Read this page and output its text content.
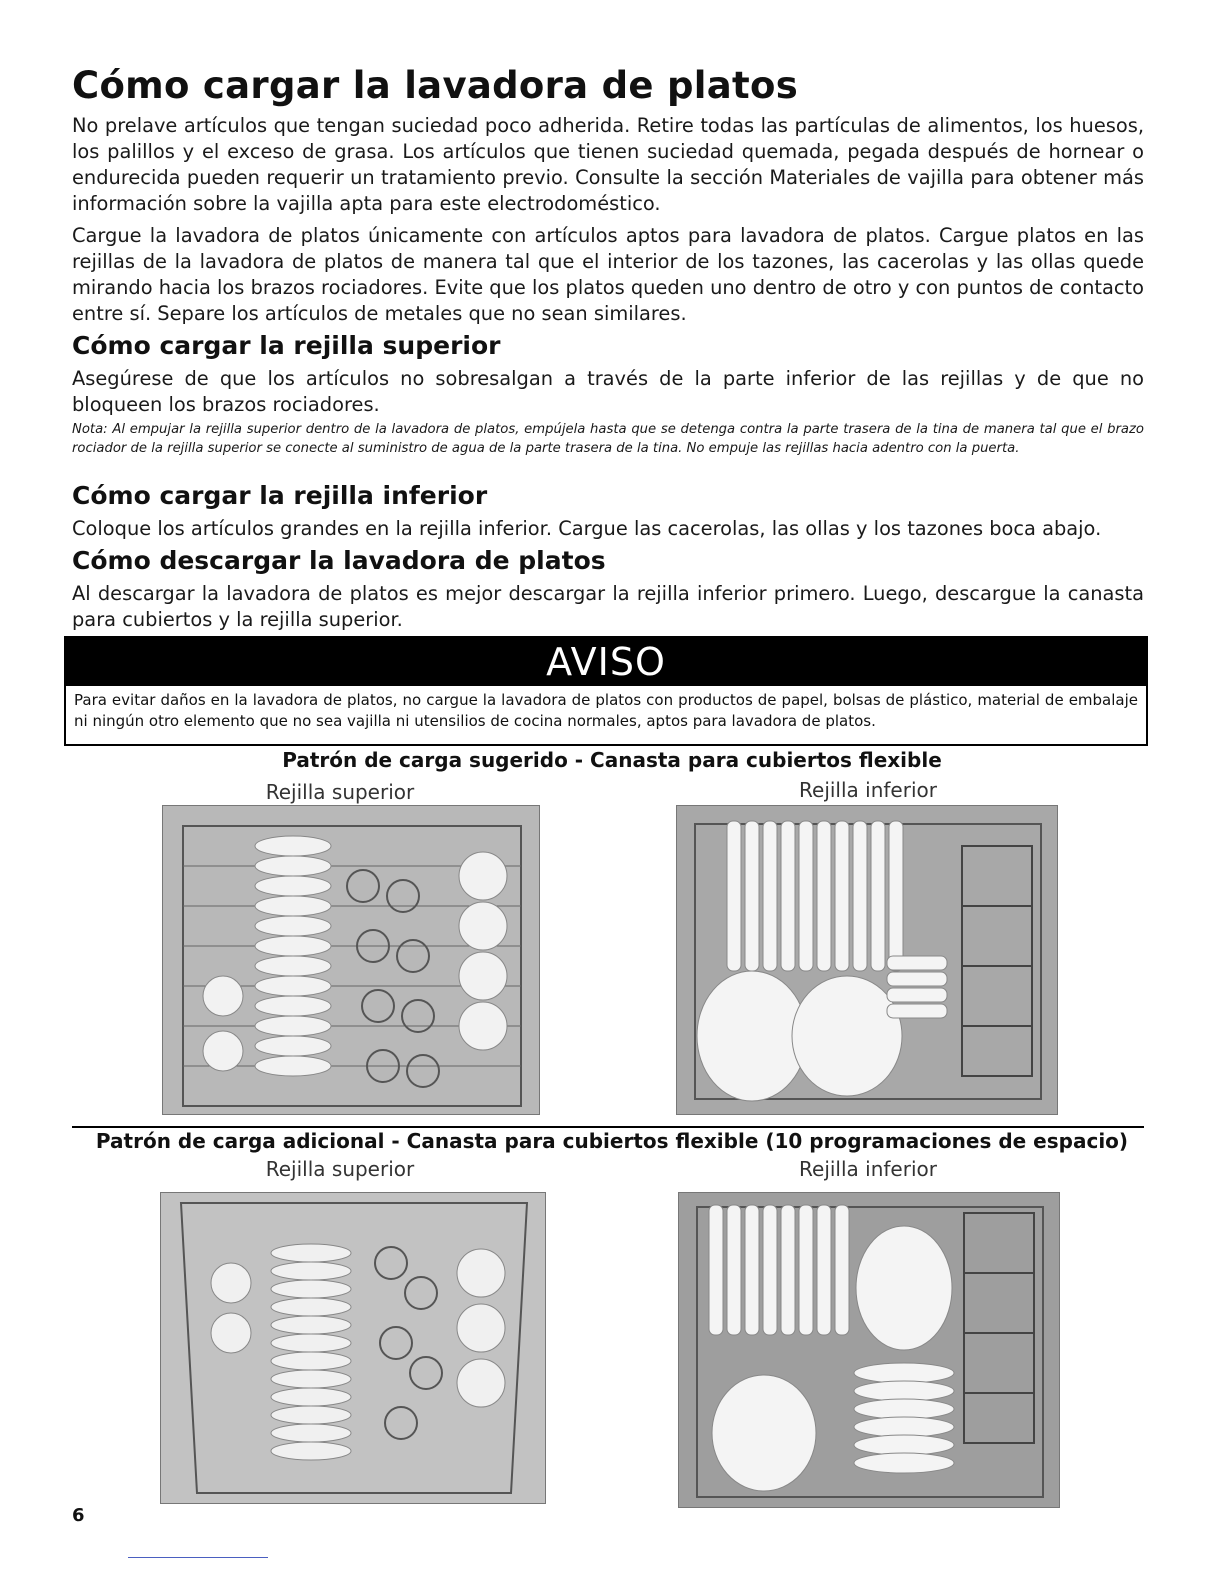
Cómo cargar la lavadora de platos

No prelave artículos que tengan suciedad poco adherida. Retire todas las partículas de alimentos, los huesos, los palillos y el exceso de grasa. Los artículos que tienen suciedad quemada, pegada después de hornear o endurecida pueden requerir un tratamiento previo. Consulte la sección Materiales de vajilla para obtener más información sobre la vajilla apta para este electrodoméstico.

Cargue la lavadora de platos únicamente con artículos aptos para lavadora de platos. Cargue platos en las rejillas de la lavadora de platos de manera tal que el interior de los tazones, las cacerolas y las ollas quede mirando hacia los brazos rociadores. Evite que los platos queden uno dentro de otro y con puntos de contacto entre sí. Separe los artículos de metales que no sean similares.

Cómo cargar la rejilla superior

Asegúrese de que los artículos no sobresalgan a través de la parte inferior de las rejillas y de que no bloqueen los brazos rociadores.

Nota: Al empujar la rejilla superior dentro de la lavadora de platos, empújela hasta que se detenga contra la parte trasera de la tina de manera tal que el brazo rociador de la rejilla superior se conecte al suministro de agua de la parte trasera de la tina. No empuje las rejillas hacia adentro con la puerta.

Cómo cargar la rejilla inferior

Coloque los artículos grandes en la rejilla inferior. Cargue las cacerolas, las ollas y los tazones boca abajo.

Cómo descargar la lavadora de platos

Al descargar la lavadora de platos es mejor descargar la rejilla inferior primero. Luego, descargue la canasta para cubiertos y la rejilla superior.

AVISO

Para evitar daños en la lavadora de platos, no cargue la lavadora de platos con productos de papel, bolsas de plástico, material de embalaje ni ningún otro elemento que no sea vajilla ni utensilios de cocina normales, aptos para lavadora de platos.

Patrón de carga sugerido - Canasta para cubiertos flexible
Rejilla superior	Rejilla inferior
Patrón de carga adicional - Canasta para cubiertos flexible (10 programaciones de espacio)
Rejilla superior	Rejilla inferior
6
